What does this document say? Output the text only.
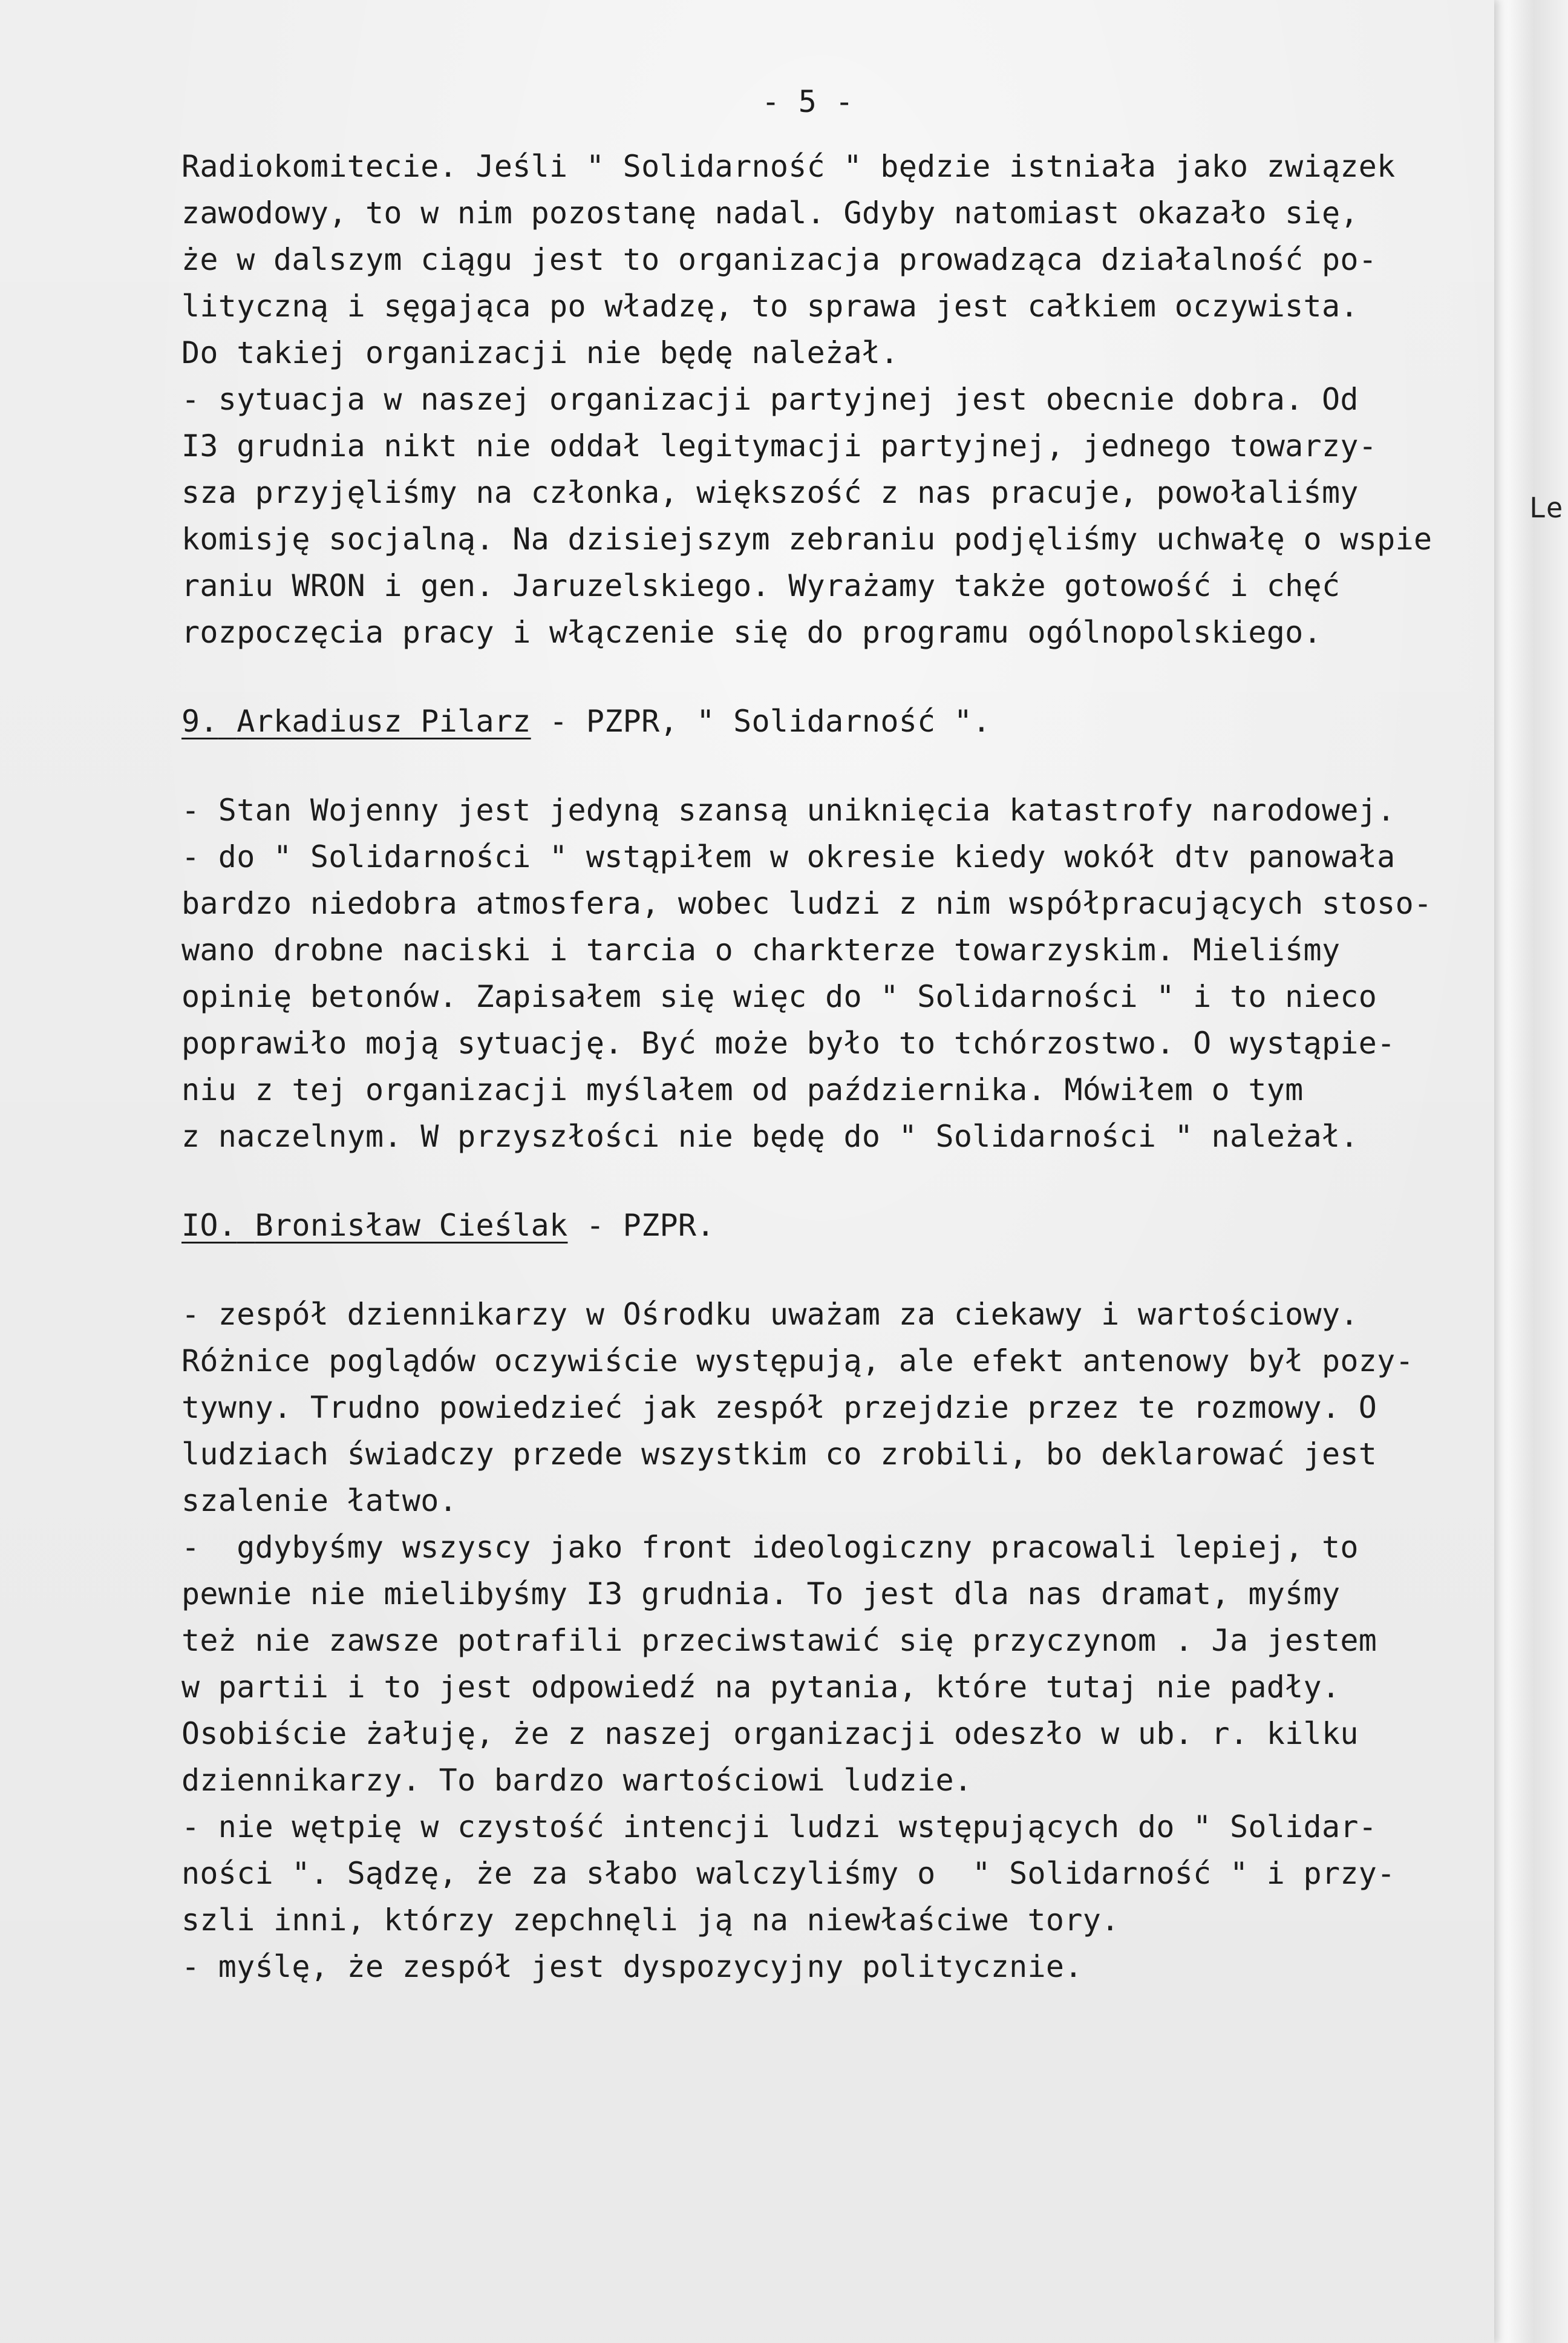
- 5 -
Radiokomitecie. Jeśli " Solidarność " będzie istniała jako związek
zawodowy, to w nim pozostanę nadal. Gdyby natomiast okazało się,
że w dalszym ciągu jest to organizacja prowadząca działalność po-
lityczną i sęgająca po władzę, to sprawa jest całkiem oczywista.
Do takiej organizacji nie będę należał.
- sytuacja w naszej organizacji partyjnej jest obecnie dobra. Od
I3 grudnia nikt nie oddał legitymacji partyjnej, jednego towarzy-
sza przyjęliśmy na członka, większość z nas pracuje, powołaliśmy
komisję socjalną. Na dzisiejszym zebraniu podjęliśmy uchwałę o wspie
raniu WRON i gen. Jaruzelskiego. Wyrażamy także gotowość i chęć
rozpoczęcia pracy i włączenie się do programu ogólnopolskiego.
9. Arkadiusz Pilarz - PZPR, " Solidarność ".
- Stan Wojenny jest jedyną szansą uniknięcia katastrofy narodowej.
- do " Solidarności " wstąpiłem w okresie kiedy wokół dtv panowała
bardzo niedobra atmosfera, wobec ludzi z nim współpracujących stoso-
wano drobne naciski i tarcia o charkterze towarzyskim. Mieliśmy
opinię betonów. Zapisałem się więc do " Solidarności " i to nieco
poprawiło moją sytuację. Być może było to tchórzostwo. O wystąpie-
niu z tej organizacji myślałem od października. Mówiłem o tym
z naczelnym. W przyszłości nie będę do " Solidarności " należał.
IO. Bronisław Cieślak - PZPR.
- zespół dziennikarzy w Ośrodku uważam za ciekawy i wartościowy.
Różnice poglądów oczywiście występują, ale efekt antenowy był pozy-
tywny. Trudno powiedzieć jak zespół przejdzie przez te rozmowy. O
ludziach świadczy przede wszystkim co zrobili, bo deklarować jest
szalenie łatwo.
-  gdybyśmy wszyscy jako front ideologiczny pracowali lepiej, to
pewnie nie mielibyśmy I3 grudnia. To jest dla nas dramat, myśmy
też nie zawsze potrafili przeciwstawić się przyczynom . Ja jestem
w partii i to jest odpowiedź na pytania, które tutaj nie padły.
Osobiście żałuję, że z naszej organizacji odeszło w ub. r. kilku
dziennikarzy. To bardzo wartościowi ludzie.
- nie wętpię w czystość intencji ludzi wstępujących do " Solidar-
ności ". Sądzę, że za słabo walczyliśmy o  " Solidarność " i przy-
szli inni, którzy zepchnęli ją na niewłaściwe tory.
- myślę, że zespół jest dyspozycyjny politycznie.
Le
